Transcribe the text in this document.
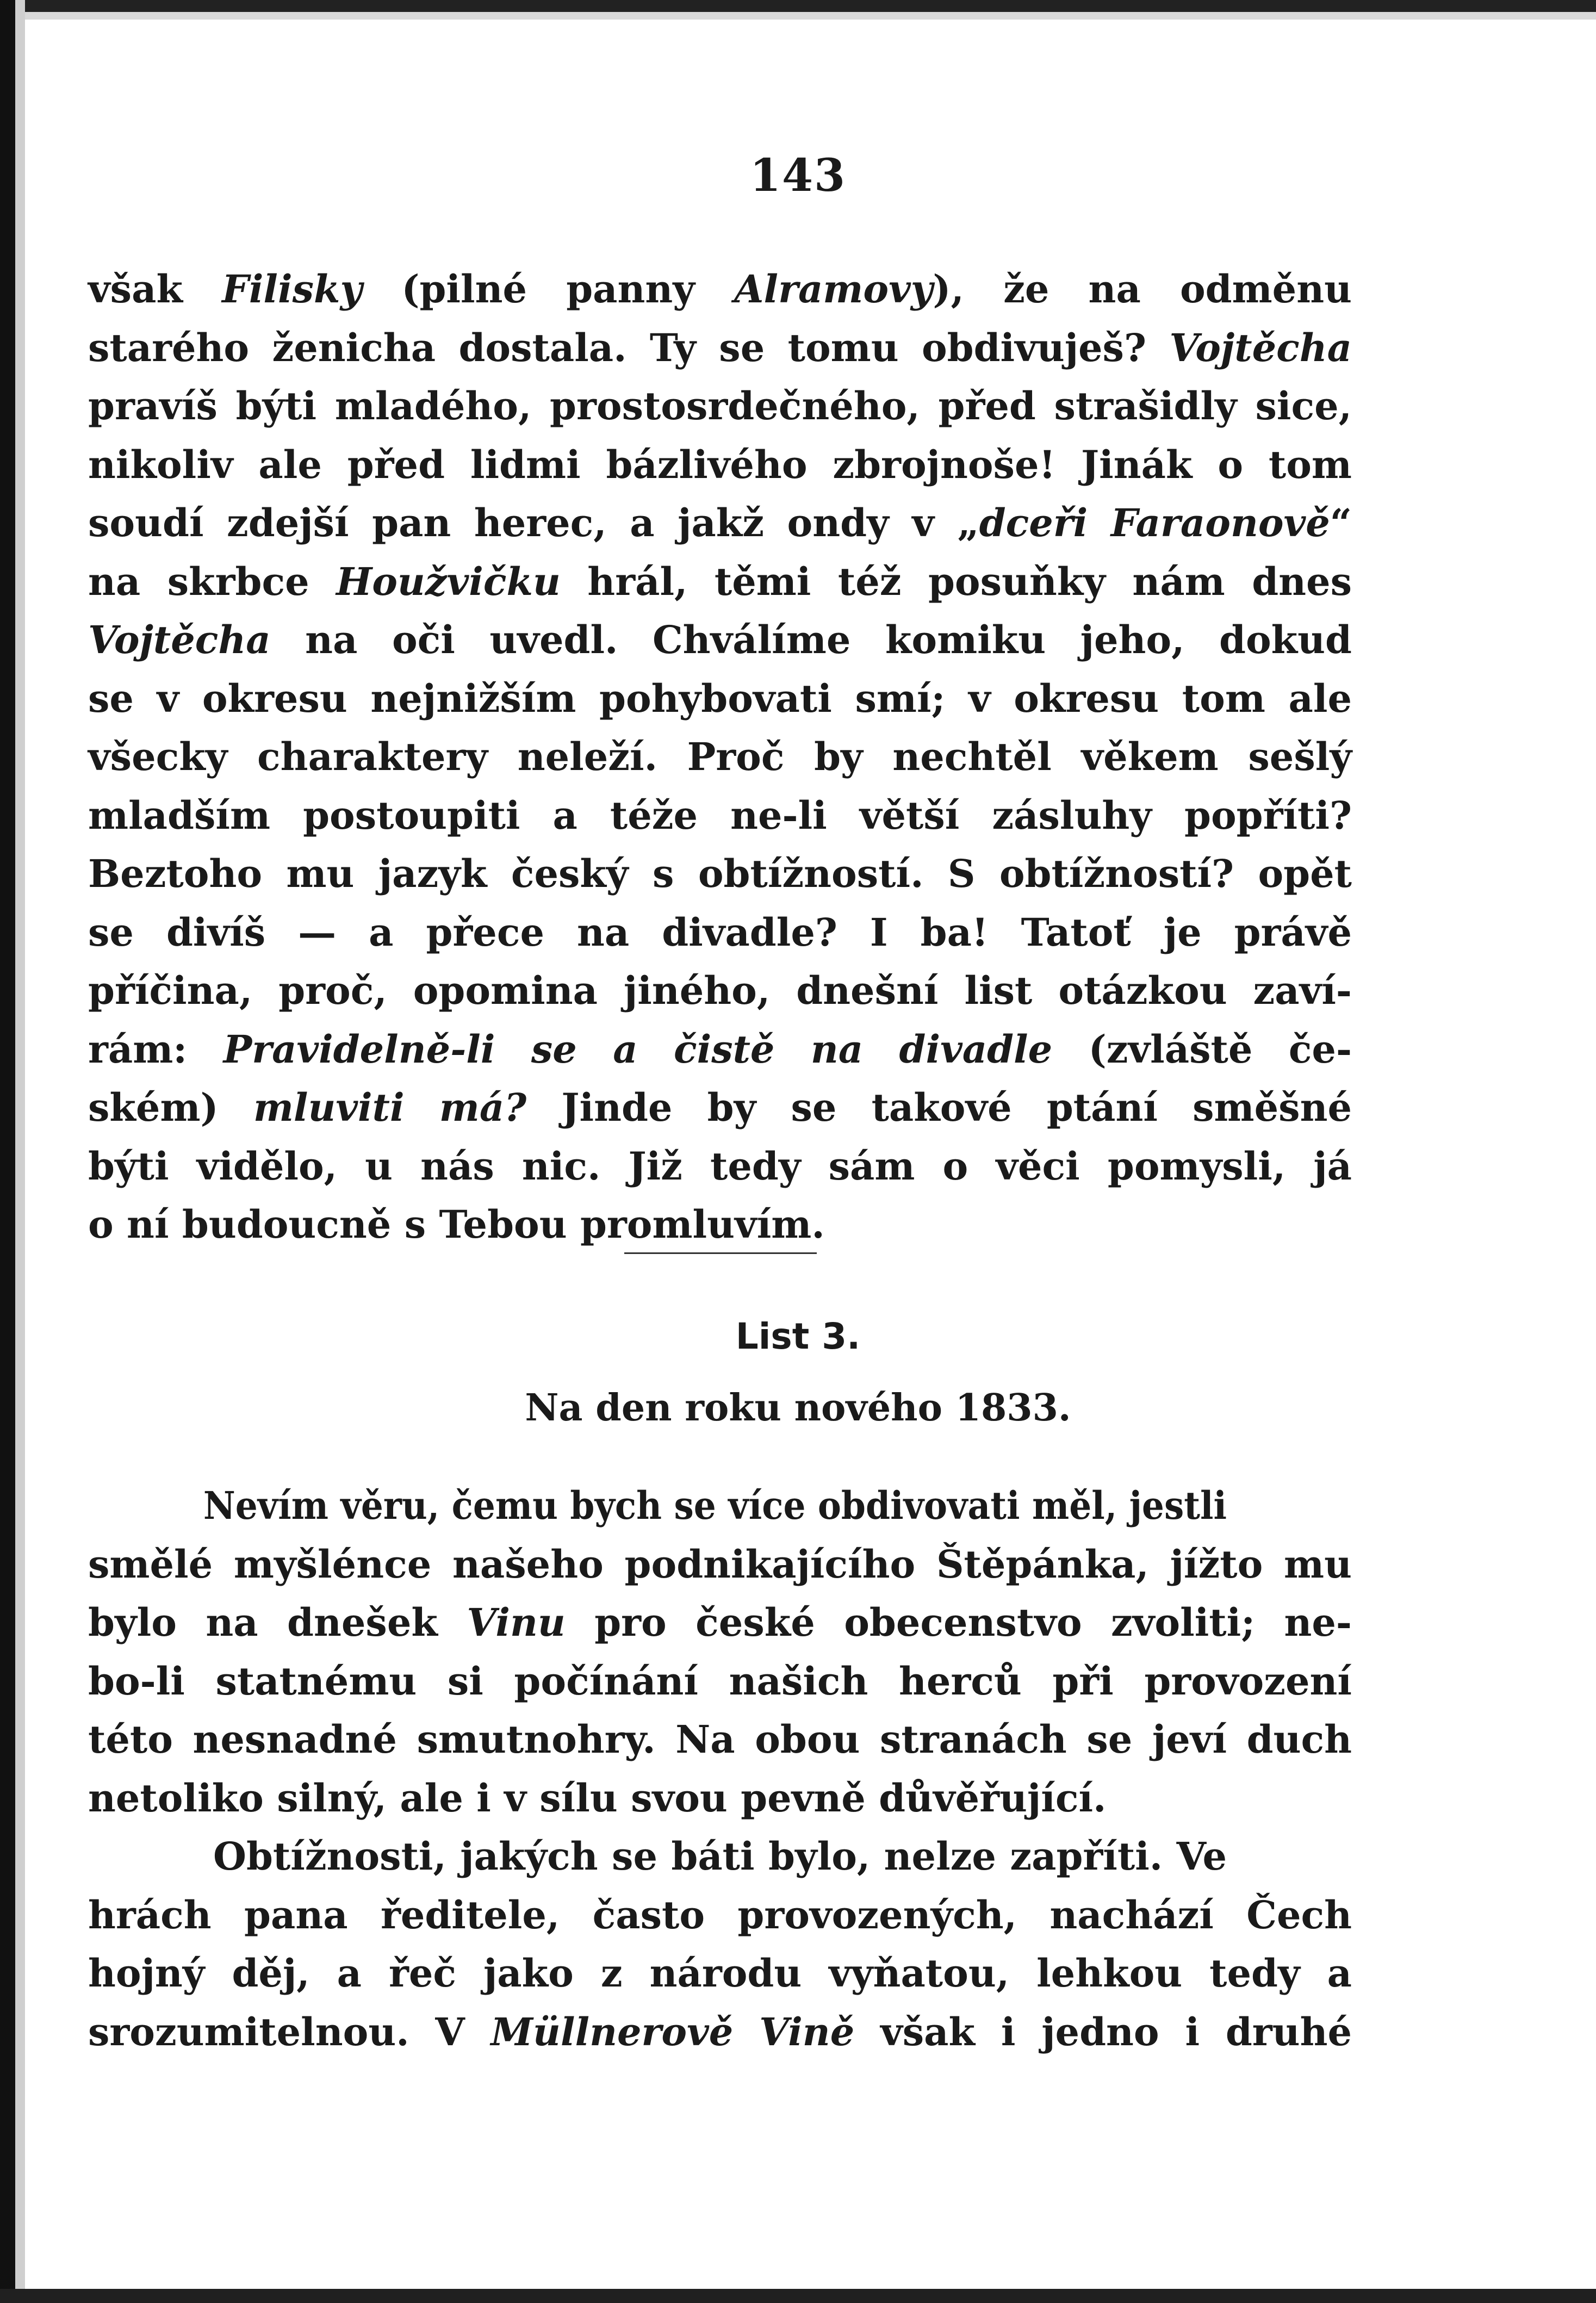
143
však Filisky (pilné panny Alramovy), že na odměnu
starého ženicha dostala. Ty se tomu obdivuješ? Vojtěcha
pravíš býti mladého, prostosrdečného, před strašidly sice,
nikoliv ale před lidmi bázlivého zbrojnoše! Jinák o tom
soudí zdejší pan herec, a jakž ondy v „dceři Faraonově“
na skrbce Houžvičku hrál, těmi též posuňky nám dnes
Vojtěcha na oči uvedl. Chválíme komiku jeho, dokud
se v okresu nejnižším pohybovati smí; v okresu tom ale
všecky charaktery neleží. Proč by nechtěl věkem sešlý
mladším postoupiti a téže ne-li větší zásluhy popříti?
Beztoho mu jazyk český s obtížností. S obtížností? opět
se divíš — a přece na divadle? I ba! Tatoť je právě
příčina, proč, opomina jiného, dnešní list otázkou zaví-
rám: Pravidelně-li se a čistě na divadle (zvláště če-
ském) mluviti má? Jinde by se takové ptání směšné
býti vidělo, u nás nic. Již tedy sám o věci pomysli, já
o ní budoucně s Tebou promluvím.
List 3.
Na den roku nového 1833.
Nevím věru, čemu bych se více obdivovati měl, jestli
smělé myšlénce našeho podnikajícího Štěpánka, jížto mu
bylo na dnešek Vinu pro české obecenstvo zvoliti; ne-
bo-li statnému si počínání našich herců při provození
této nesnadné smutnohry. Na obou stranách se jeví duch
netoliko silný, ale i v sílu svou pevně důvěřující.
Obtížnosti, jakých se báti bylo, nelze zapříti. Ve
hrách pana ředitele, často provozených, nachází Čech
hojný děj, a řeč jako z národu vyňatou, lehkou tedy a
srozumitelnou. V Müllnerově Vině však i jedno i druhé
